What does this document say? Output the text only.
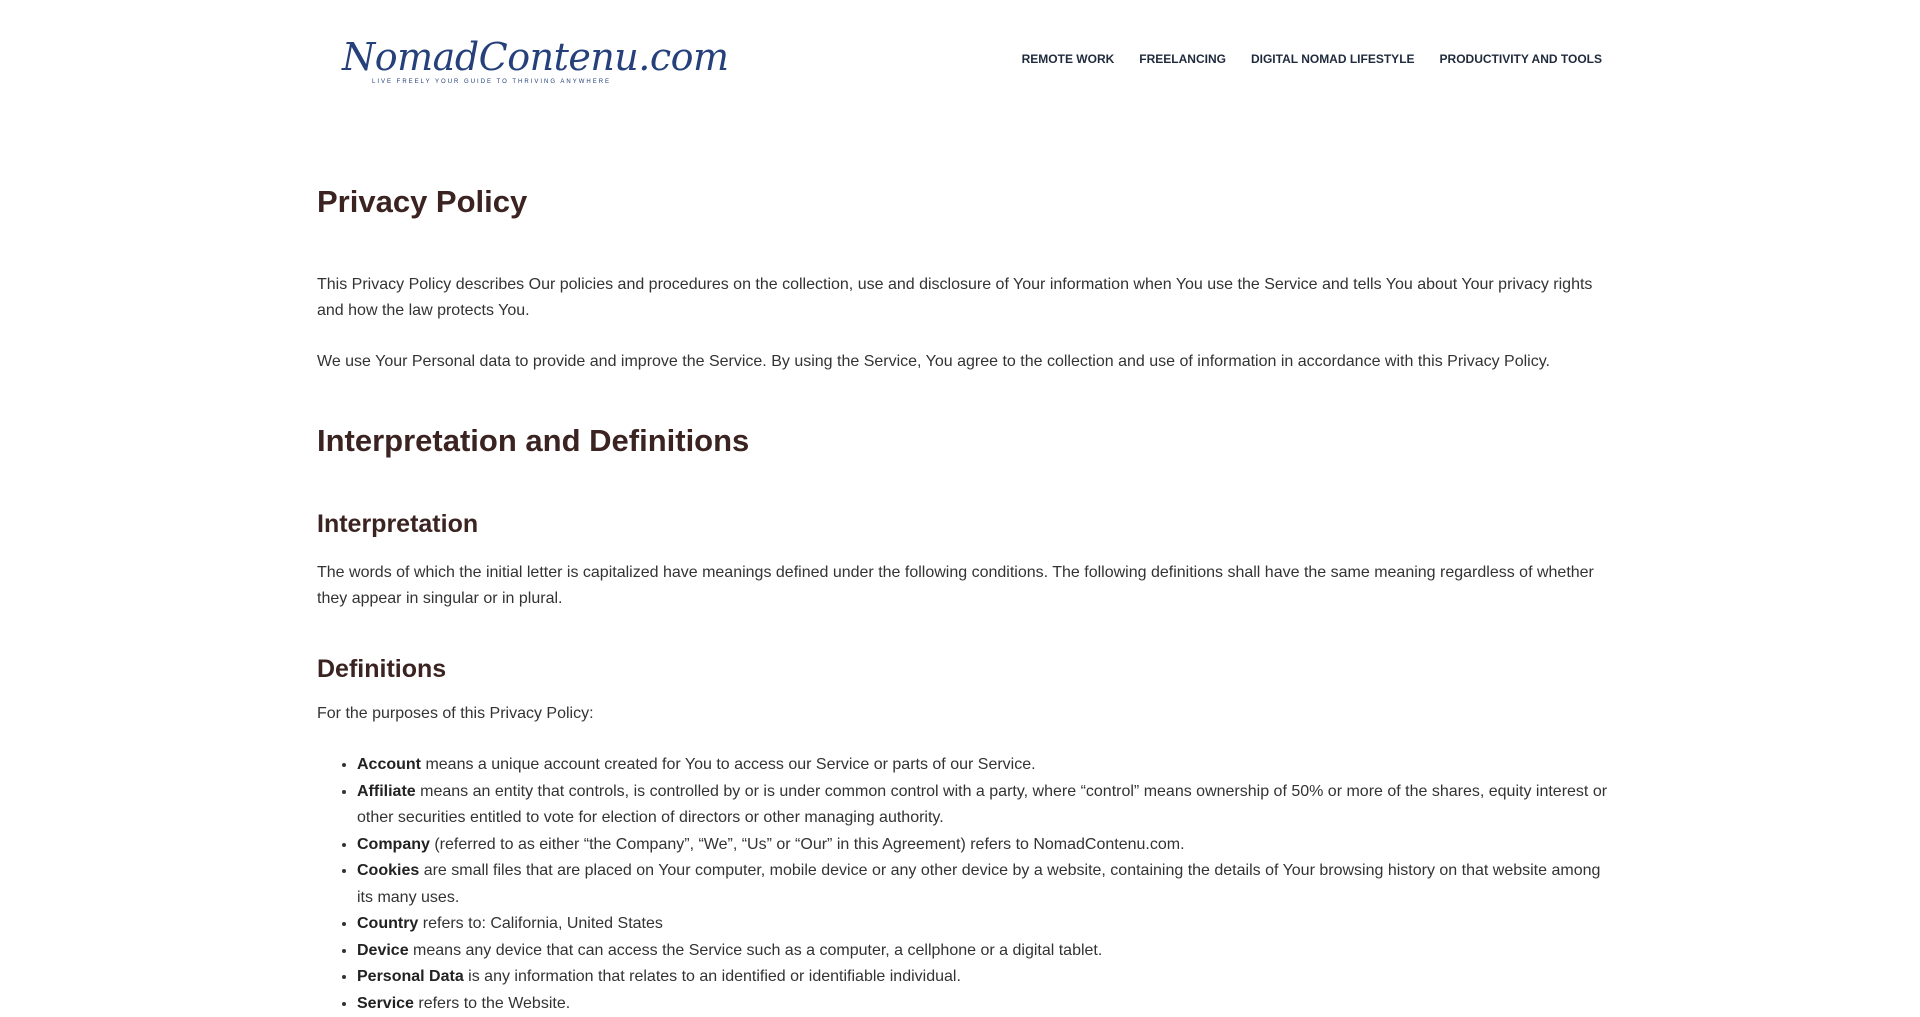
NomadContenu.com
LIVE FREELY YOUR GUIDE TO THRIVING ANYWHERE
REMOTE WORK FREELANCING DIGITAL NOMAD LIFESTYLE PRODUCTIVITY AND TOOLS
Privacy Policy

This Privacy Policy describes Our policies and procedures on the collection, use and disclosure of Your information when You use the Service and tells You about Your privacy rights and how the law protects You.

We use Your Personal data to provide and improve the Service. By using the Service, You agree to the collection and use of information in accordance with this Privacy Policy.

Interpretation and Definitions
Interpretation

The words of which the initial letter is capitalized have meanings defined under the following conditions. The following definitions shall have the same meaning regardless of whether they appear in singular or in plural.

Definitions

For the purposes of this Privacy Policy:

• Account means a unique account created for You to access our Service or parts of our Service.
• Affiliate means an entity that controls, is controlled by or is under common control with a party, where “control” means ownership of 50% or more of the shares, equity interest or other securities entitled to vote for election of directors or other managing authority.
• Company (referred to as either “the Company”, “We”, “Us” or “Our” in this Agreement) refers to NomadContenu.com.
• Cookies are small files that are placed on Your computer, mobile device or any other device by a website, containing the details of Your browsing history on that website among its many uses.
• Country refers to: California, United States
• Device means any device that can access the Service such as a computer, a cellphone or a digital tablet.
• Personal Data is any information that relates to an identified or identifiable individual.
• Service refers to the Website.
